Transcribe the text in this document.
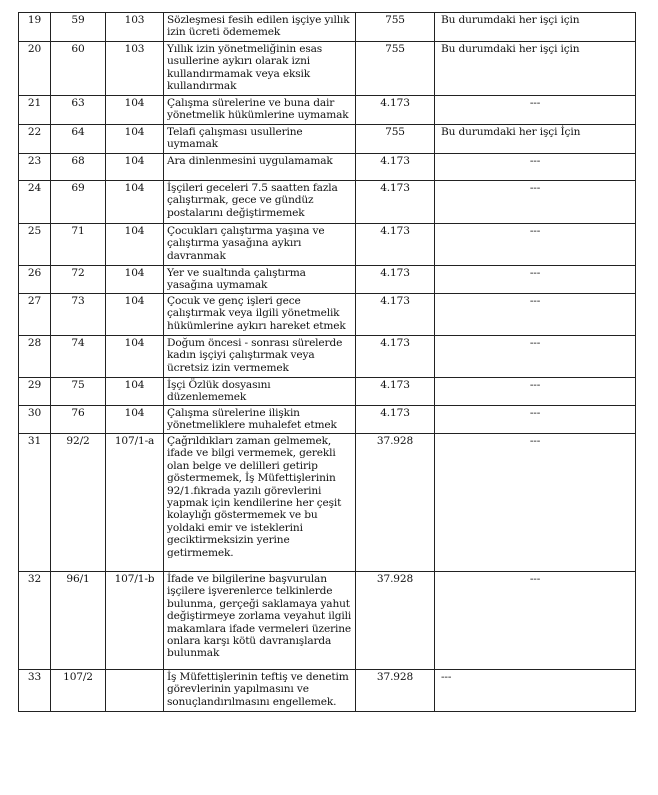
19	59	103	Sözleşmesi fesih edilen işçiye yıllık izin ücreti ödememek	755	Bu durumdaki her işçi için
20	60	103	Yıllık izin yönetmeliğinin esas usullerine aykırı olarak izni kullandırmamak veya eksik kullandırmak	755	Bu durumdaki her işçi için
21	63	104	Çalışma sürelerine ve buna dair yönetmelik hükümlerine uymamak	4.173	---
22	64	104	Telafi çalışması usullerine uymamak	755	Bu durumdaki her işçi İçin
23	68	104	Ara dinlenmesini uygulamamak	4.173	---
24	69	104	İşçileri geceleri 7.5 saatten fazla çalıştırmak, gece ve gündüz postalarını değiştirmemek	4.173	---
25	71	104	Çocukları çalıştırma yaşına ve çalıştırma yasağına aykırı davranmak	4.173	---
26	72	104	Yer ve sualtında çalıştırma yasağına uymamak	4.173	---
27	73	104	Çocuk ve genç işleri gece çalıştırmak veya ilgili yönetmelik hükümlerine aykırı hareket etmek	4.173	---
28	74	104	Doğum öncesi - sonrası sürelerde kadın işçiyi çalıştırmak veya ücretsiz izin vermemek	4.173	---
29	75	104	İşçi Özlük dosyasını düzenlememek	4.173	---
30	76	104	Çalışma sürelerine ilişkin yönetmeliklere muhalefet etmek	4.173	---
31	92/2	107/1-a	Çağrıldıkları zaman gelmemek, ifade ve bilgi vermemek, gerekli olan belge ve delilleri getirip göstermemek, İş Müfettişlerinin 92/1.fıkrada yazılı görevlerini yapmak için kendilerine her çeşit kolaylığı göstermemek ve bu yoldaki emir ve isteklerini geciktirmeksizin yerine getirmemek.	37.928	---
32	96/1	107/1-b	İfade ve bilgilerine başvurulan işçilere işverenlerce telkinlerde bulunma, gerçeği saklamaya yahut değiştirmeye zorlama veyahut ilgili makamlara ifade vermeleri üzerine onlara karşı kötü davranışlarda bulunmak	37.928	---
33	107/2		İş Müfettişlerinin teftiş ve denetim görevlerinin yapılmasını ve sonuçlandırılmasını engellemek.	37.928	---
